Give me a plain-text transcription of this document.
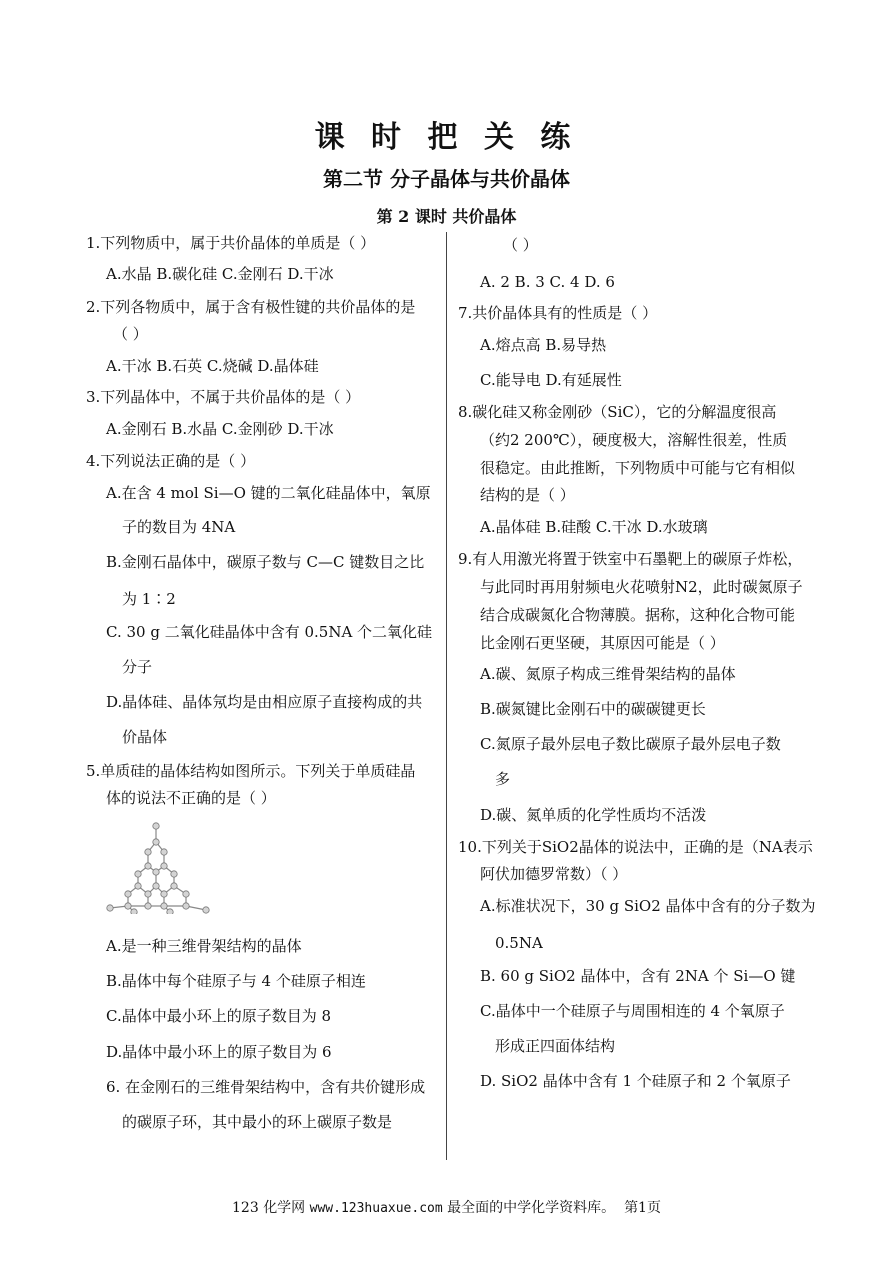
课 时 把 关 练
第二节 分子晶体与共价晶体
第 2 课时 共价晶体
1.下列物质中，属于共价晶体的单质是（ ）
A.水晶 B.碳化硅 C.金刚石 D.干冰
2.下列各物质中，属于含有极性键的共价晶体的是
（ ）
A.干冰 B.石英 C.烧碱 D.晶体硅
3.下列晶体中，不属于共价晶体的是（ ）
A.金刚石 B.水晶 C.金刚砂 D.干冰
4.下列说法正确的是（ ）
A.在含 4 mol Si—O 键的二氧化硅晶体中，氧原
子的数目为 4NA
B.金刚石晶体中，碳原子数与 C—C 键数目之比
为 1∶2
C. 30 g 二氧化硅晶体中含有 0.5NA 个二氧化硅
分子
D.晶体硅、晶体氖均是由相应原子直接构成的共
价晶体
5.单质硅的晶体结构如图所示。下列关于单质硅晶
体的说法不正确的是（ ）
A.是一种三维骨架结构的晶体
B.晶体中每个硅原子与 4 个硅原子相连
C.晶体中最小环上的原子数目为 8
D.晶体中最小环上的原子数目为 6
6. 在金刚石的三维骨架结构中，含有共价键形成
的碳原子环，其中最小的环上碳原子数是
（ ）
A. 2 B. 3 C. 4 D. 6
7.共价晶体具有的性质是（ ）
A.熔点高 B.易导热
C.能导电 D.有延展性
8.碳化硅又称金刚砂（SiC），它的分解温度很高
（约2 200℃），硬度极大，溶解性很差，性质
很稳定。由此推断，下列物质中可能与它有相似
结构的是（ ）
A.晶体硅 B.硅酸 C.干冰 D.水玻璃
9.有人用激光将置于铁室中石墨靶上的碳原子炸松，
与此同时再用射频电火花喷射N2，此时碳氮原子
结合成碳氮化合物薄膜。据称，这种化合物可能
比金刚石更坚硬，其原因可能是（ ）
A.碳、氮原子构成三维骨架结构的晶体
B.碳氮键比金刚石中的碳碳键更长
C.氮原子最外层电子数比碳原子最外层电子数
多
D.碳、氮单质的化学性质均不活泼
10.下列关于SiO2晶体的说法中，正确的是（NA表示
阿伏加德罗常数）（ ）
A.标准状况下，30 g SiO2 晶体中含有的分子数为
0.5NA
B. 60 g SiO2 晶体中，含有 2NA 个 Si—O 键
C.晶体中一个硅原子与周围相连的 4 个氧原子
形成正四面体结构
D. SiO2 晶体中含有 1 个硅原子和 2 个氧原子
123 化学网 www.123huaxue.com 最全面的中学化学资料库。 第1页
